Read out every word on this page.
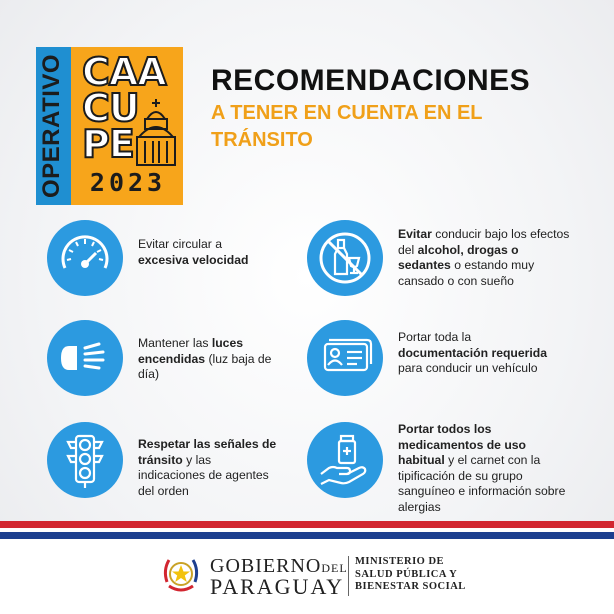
OPERATIVO CAA
CU
PE
2023
RECOMENDACIONES
A TENER EN CUENTA EN EL TRÁNSITO
Evitar circular a excesiva velocidad
Evitar conducir bajo los efectos del alcohol, drogas o sedantes o estando muy cansado o con sueño
Mantener las luces encendidas (luz baja de día)
Portar toda la documentación requerida para conducir un vehículo
Respetar las señales de tránsito y las indicaciones de agentes del orden
Portar todos los medicamentos de uso habitual y el carnet con la tipificación de su grupo sanguíneo e información sobre alergias
GOBIERNODEL
PARAGUAY
MINISTERIO DE
SALUD PÚBLICA Y
BIENESTAR SOCIAL
